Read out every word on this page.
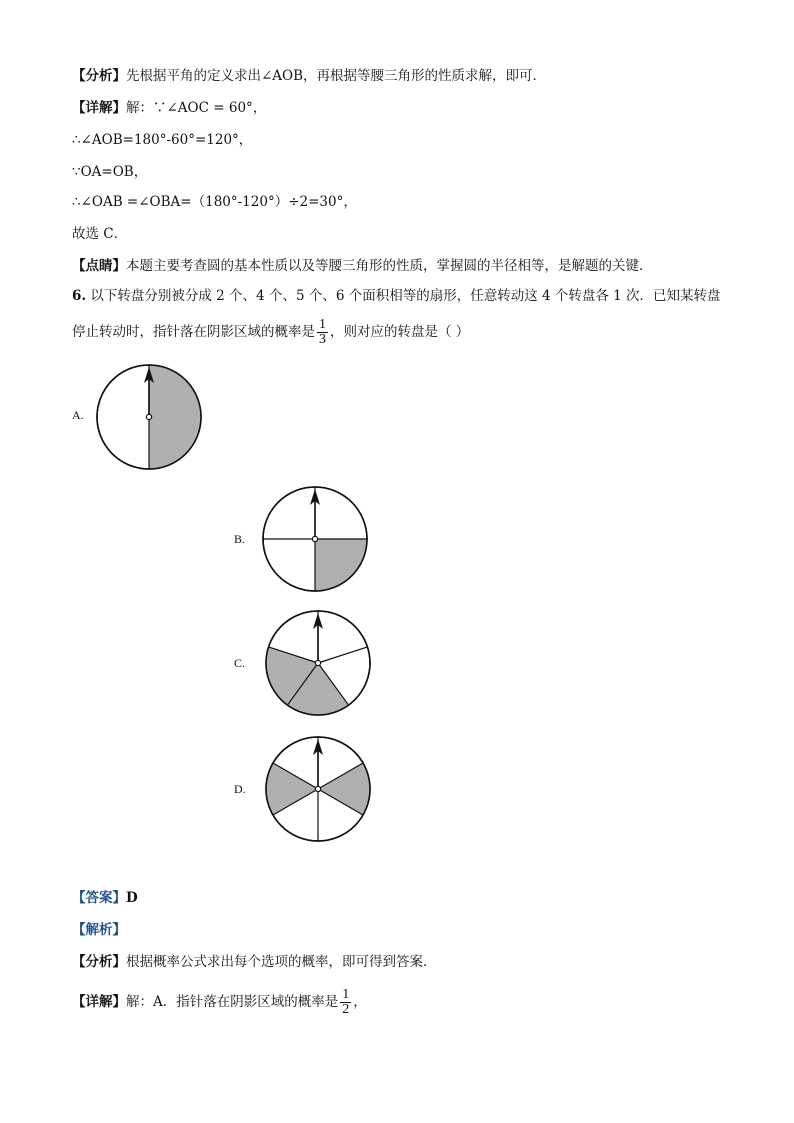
【分析】先根据平角的定义求出∠AOB，再根据等腰三角形的性质求解，即可．
【详解】解：∵∠AOC = 60°，
∴∠AOB=180°-60°=120°，
∵OA=OB，
∴∠OAB =∠OBA=（180°-120°）÷2=30°，
故选 C．
【点睛】本题主要考查圆的基本性质以及等腰三角形的性质，掌握圆的半径相等，是解题的关键．
6. 以下转盘分别被分成 2 个、4 个、5 个、6 个面积相等的扇形，任意转动这 4 个转盘各 1 次．已知某转盘
停止转动时，指针落在阴影区域的概率是 $\frac{1}{3}$ ，则对应的转盘是（ ）
A.
B.
C.
D.
【答案】D
【解析】
【分析】根据概率公式求出每个选项的概率，即可得到答案．
【详解】解：A．指针落在阴影区域的概率是 $\frac{1}{2}$ ，
